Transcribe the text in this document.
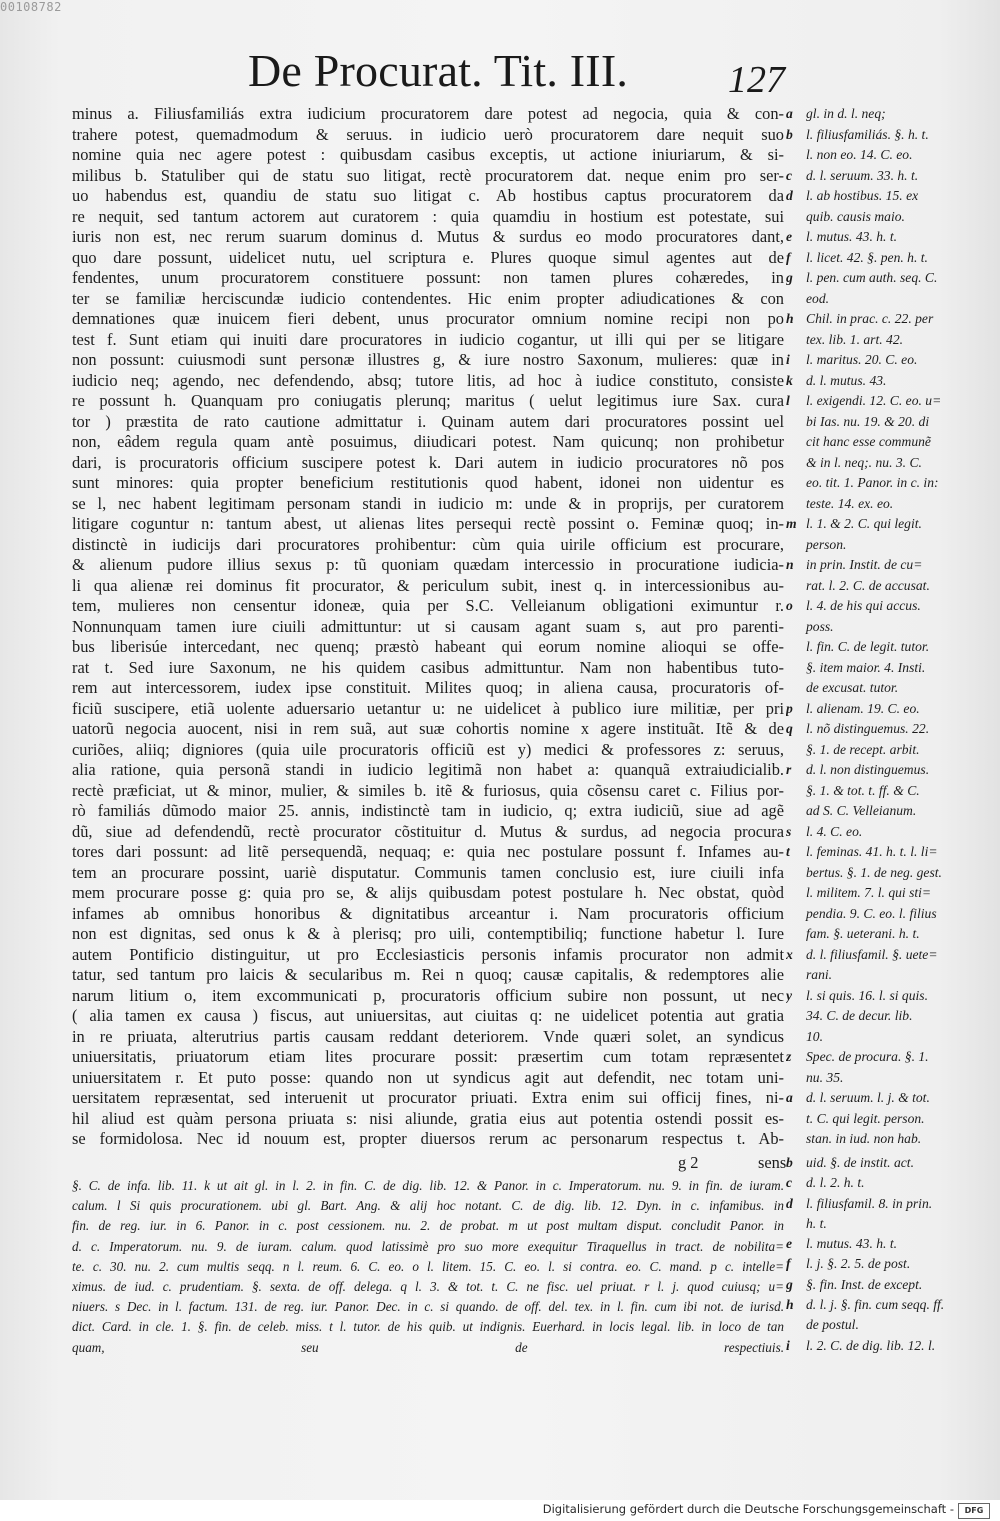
00108782
De Procurat. Tit. III.	127
minus a. Filiusfamiliás extra iudicium procuratorem dare potest ad negocia, quia & con-
trahere potest, quemadmodum & seruus. in iudicio uerò procuratorem dare nequit suo
nomine quia nec agere potest : quibusdam casibus exceptis, ut actione iniuriarum, & si-
milibus b. Statuliber qui de statu suo litigat, rectè procuratorem dat. neque enim pro ser-
uo habendus est, quandiu de statu suo litigat c. Ab hostibus captus procuratorem da
re nequit, sed tantum actorem aut curatorem : quia quamdiu in hostium est potestate, sui
iuris non est, nec rerum suarum dominus d. Mutus & surdus eo modo procuratores dant,
quo dare possunt, uidelicet nutu, uel scriptura e. Plures quoque simul agentes aut de
fendentes, unum procuratorem constituere possunt: non tamen plures cohæredes, in
ter se familiæ herciscundæ iudicio contendentes. Hic enim propter adiudicationes & con
demnationes quæ inuicem fieri debent, unus procurator omnium nomine recipi non po
test f. Sunt etiam qui inuiti dare procuratores in iudicio cogantur, ut illi qui per se litigare
non possunt: cuiusmodi sunt personæ illustres g, & iure nostro Saxonum, mulieres: quæ in
iudicio neq; agendo, nec defendendo, absq; tutore litis, ad hoc à iudice constituto, consiste
re possunt h. Quanquam pro coniugatis plerunq; maritus ( uelut legitimus iure Sax. cura
tor ) præstita de rato cautione admittatur i. Quinam autem dari procuratores possint uel
non, eâdem regula quam antè posuimus, diiudicari potest. Nam quicunq; non prohibetur
dari, is procuratoris officium suscipere potest k. Dari autem in iudicio procuratores nõ pos
sunt minores: quia propter beneficium restitutionis quod habent, idonei non uidentur es
se l, nec habent legitimam personam standi in iudicio m: unde & in proprijs, per curatorem
litigare coguntur n: tantum abest, ut alienas lites persequi rectè possint o. Feminæ quoq; in-
distinctè in iudicijs dari procuratores prohibentur: cùm quia uirile officium est procurare,
& alienum pudore illius sexus p: tũ quoniam quædam intercessio in procuratione iudicia-
li qua alienæ rei dominus fit procurator, & periculum subit, inest q. in intercessionibus au-
tem, mulieres non censentur idoneæ, quia per S.C. Velleianum obligationi eximuntur r.
Nonnunquam tamen iure ciuili admittuntur: ut si causam agant suam s, aut pro parenti-
bus liberisúe intercedant, nec quenq; præstò habeant qui eorum nomine alioqui se offe-
rat t. Sed iure Saxonum, ne his quidem casibus admittuntur. Nam non habentibus tuto-
rem aut intercessorem, iudex ipse constituit. Milites quoq; in aliena causa, procuratoris of-
ficiũ suscipere, etiã uolente aduersario uetantur u: ne uidelicet à publico iure militiæ, per pri
uatorũ negocia auocent, nisi in rem suã, aut suæ cohortis nomine x agere instituãt. Itẽ & de
curiões, aliiq; digniores (quia uile procuratoris officiũ est y) medici & professores z: seruus,
alia ratione, quia personã standi in iudicio legitimã non habet a: quanquã extraiudicialib.
rectè præficiat, ut & minor, mulier, & similes b. itẽ & furiosus, quia cõsensu caret c. Filius por-
rò familiás dũmodo maior 25. annis, indistinctè tam in iudicio, q; extra iudiciũ, siue ad agẽ
dũ, siue ad defendendũ, rectè procurator cõstituitur d. Mutus & surdus, ad negocia procura
tores dari possunt: ad litẽ persequendã, nequaq; e: quia nec postulare possunt f. Infames au-
tem an procurare possint, uariè disputatur. Communis tamen conclusio est, iure ciuili infa
mem procurare posse g: quia pro se, & alijs quibusdam potest postulare h. Nec obstat, quòd
infames ab omnibus honoribus & dignitatibus arceantur i. Nam procuratoris officium
non est dignitas, sed onus k & à plerisq; pro uili, contemptibiliq; functione habetur l. Iure
autem Pontificio distinguitur, ut pro Ecclesiasticis personis infamis procurator non admit
tatur, sed tantum pro laicis & secularibus m. Rei n quoq; causæ capitalis, & redemptores alie
narum litium o, item excommunicati p, procuratoris officium subire non possunt, ut nec
( alia tamen ex causa ) fiscus, aut uniuersitas, aut ciuitas q: ne uidelicet potentia aut gratia
in re priuata, alterutrius partis causam reddant deteriorem. Vnde quæri solet, an syndicus
uniuersitatis, priuatorum etiam lites procurare possit: præsertim cum totam repræsentet
uniuersitatem r. Et puto posse: quando non ut syndicus agit aut defendit, nec totam uni-
uersitatem repræsentat, sed interuenit ut procurator priuati. Extra enim sui officij fines, ni-
hil aliud est quàm persona priuata s: nisi aliunde, gratia eius aut potentia ostendi possit es-
se formidolosa. Nec id nouum est, propter diuersos rerum ac personarum respectus t. Ab-
a gl. in d. l. neq;
b l. filiusfamiliás. §. h. t.
l. non eo. 14. C. eo.
c d. l. seruum. 33. h. t.
d l. ab hostibus. 15. ex
quib. causis maio.
e l. mutus. 43. h. t.
f l. licet. 42. §. pen. h. t.
g l. pen. cum auth. seq. C.
eod.
h Chil. in prac. c. 22. per
tex. lib. 1. art. 42.
i l. maritus. 20. C. eo.
k d. l. mutus. 43.
l l. exigendi. 12. C. eo. u=
bi Ias. nu. 19. & 20. di
cit hanc esse communẽ
& in l. neq;. nu. 3. C.
eo. tit. 1. Panor. in c. in:
teste. 14. ex. eo.
m l. 1. & 2. C. qui legit.
person.
n in prin. Instit. de cu=
rat. l. 2. C. de accusat.
o l. 4. de his qui accus.
poss.
l. fin. C. de legit. tutor.
§. item maior. 4. Insti.
de excusat. tutor.
p l. alienam. 19. C. eo.
q l. nõ distinguemus. 22.
§. 1. de recept. arbit.
r d. l. non distinguemus.
§. 1. & tot. t. ff. & C.
ad S. C. Velleianum.
s l. 4. C. eo.
t l. feminas. 41. h. t. l. li=
bertus. §. 1. de neg. gest.
l. militem. 7. l. qui sti=
pendia. 9. C. eo. l. filius
fam. §. ueterani. h. t.
x d. l. filiusfamil. §. uete=
rani.
y l. si quis. 16. l. si quis.
34. C. de decur. lib.
10.
z Spec. de procura. §. 1.
nu. 35.
a d. l. seruum. l. j. & tot.
t. C. qui legit. person.
stan. in iud. non hab.
g 2	sens
§. C. de infa. lib. 11. k ut ait gl. in l. 2. in fin. C. de dig. lib. 12. & Panor. in c. Imperatorum. nu. 9. in fin. de iuram.
calum. l Si quis procurationem. ubi gl. Bart. Ang. & alij hoc notant. C. de dig. lib. 12. Dyn. in c. infamibus. in
fin. de reg. iur. in 6. Panor. in c. post cessionem. nu. 2. de probat. m ut post multam disput. concludit Panor. in
d. c. Imperatorum. nu. 9. de iuram. calum. quod latissimè pro suo more exequitur Tiraquellus in tract. de nobilita=
te. c. 30. nu. 2. cum multis seqq. n l. reum. 6. C. eo. o l. litem. 15. C. eo. l. si contra. eo. C. mand. p c. intelle=
ximus. de iud. c. prudentiam. §. sexta. de off. delega. q l. 3. & tot. t. C. ne fisc. uel priuat. r l. j. quod cuiusq; u=
niuers. s Dec. in l. factum. 131. de reg. iur. Panor. Dec. in c. si quando. de off. del. tex. in l. fin. cum ibi not. de iurisd.
dict. Card. in cle. 1. §. fin. de celeb. miss. t l. tutor. de his quib. ut indignis. Euerhard. in locis legal. lib. in loco de tan
quam, seu de respectiuis.
b uid. §. de instit. act.
c d. l. 2. h. t.
d l. filiusfamil. 8. in prin.
h. t.
e l. mutus. 43. h. t.
f l. j. §. 2. 5. de post.
g §. fin. Inst. de except.
h d. l. j. §. fin. cum seqq. ff.
de postul.
i l. 2. C. de dig. lib. 12. l.
Digitalisierung gefördert durch die Deutsche Forschungsgemeinschaft -	DFG
